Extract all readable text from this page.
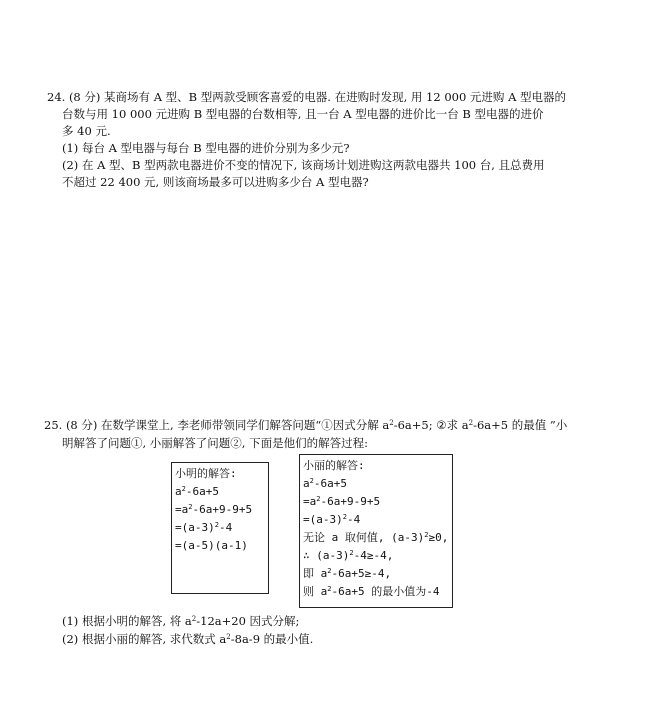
24. (8 分) 某商场有 A 型、B 型两款受顾客喜爱的电器. 在进购时发现, 用 12 000 元进购 A 型电器的
台数与用 10 000 元进购 B 型电器的台数相等, 且一台 A 型电器的进价比一台 B 型电器的进价
多 40 元.
(1) 每台 A 型电器与每台 B 型电器的进价分别为多少元?
(2) 在 A 型、B 型两款电器进价不变的情况下, 该商场计划进购这两款电器共 100 台, 且总费用
不超过 22 400 元, 则该商场最多可以进购多少台 A 型电器?
25. (8 分) 在数学课堂上, 李老师带领同学们解答问题“①因式分解 $a^2-6a+5$; ②求 $a^2-6a+5$ 的最值 ”小
明解答了问题①, 小丽解答了问题②, 下面是他们的解答过程:
小明的解答:
$a^2-6a+5$
$=a^2-6a+9-9+5$
$=(a-3)^2-4$
=(a-5)(a-1)
小丽的解答:
$a^2-6a+5$
$=a^2-6a+9-9+5$
$=(a-3)^2-4$
无论 a 取何值, $(a-3)^2\ge 0$,
∴ $(a-3)^2-4\ge-4$,
即 $a^2-6a+5\ge-4$,
则 $a^2-6a+5$ 的最小值为-4
(1) 根据小明的解答, 将 $a^2-12a+20$ 因式分解;
(2) 根据小丽的解答, 求代数式 $a^2-8a-9$ 的最小值.
